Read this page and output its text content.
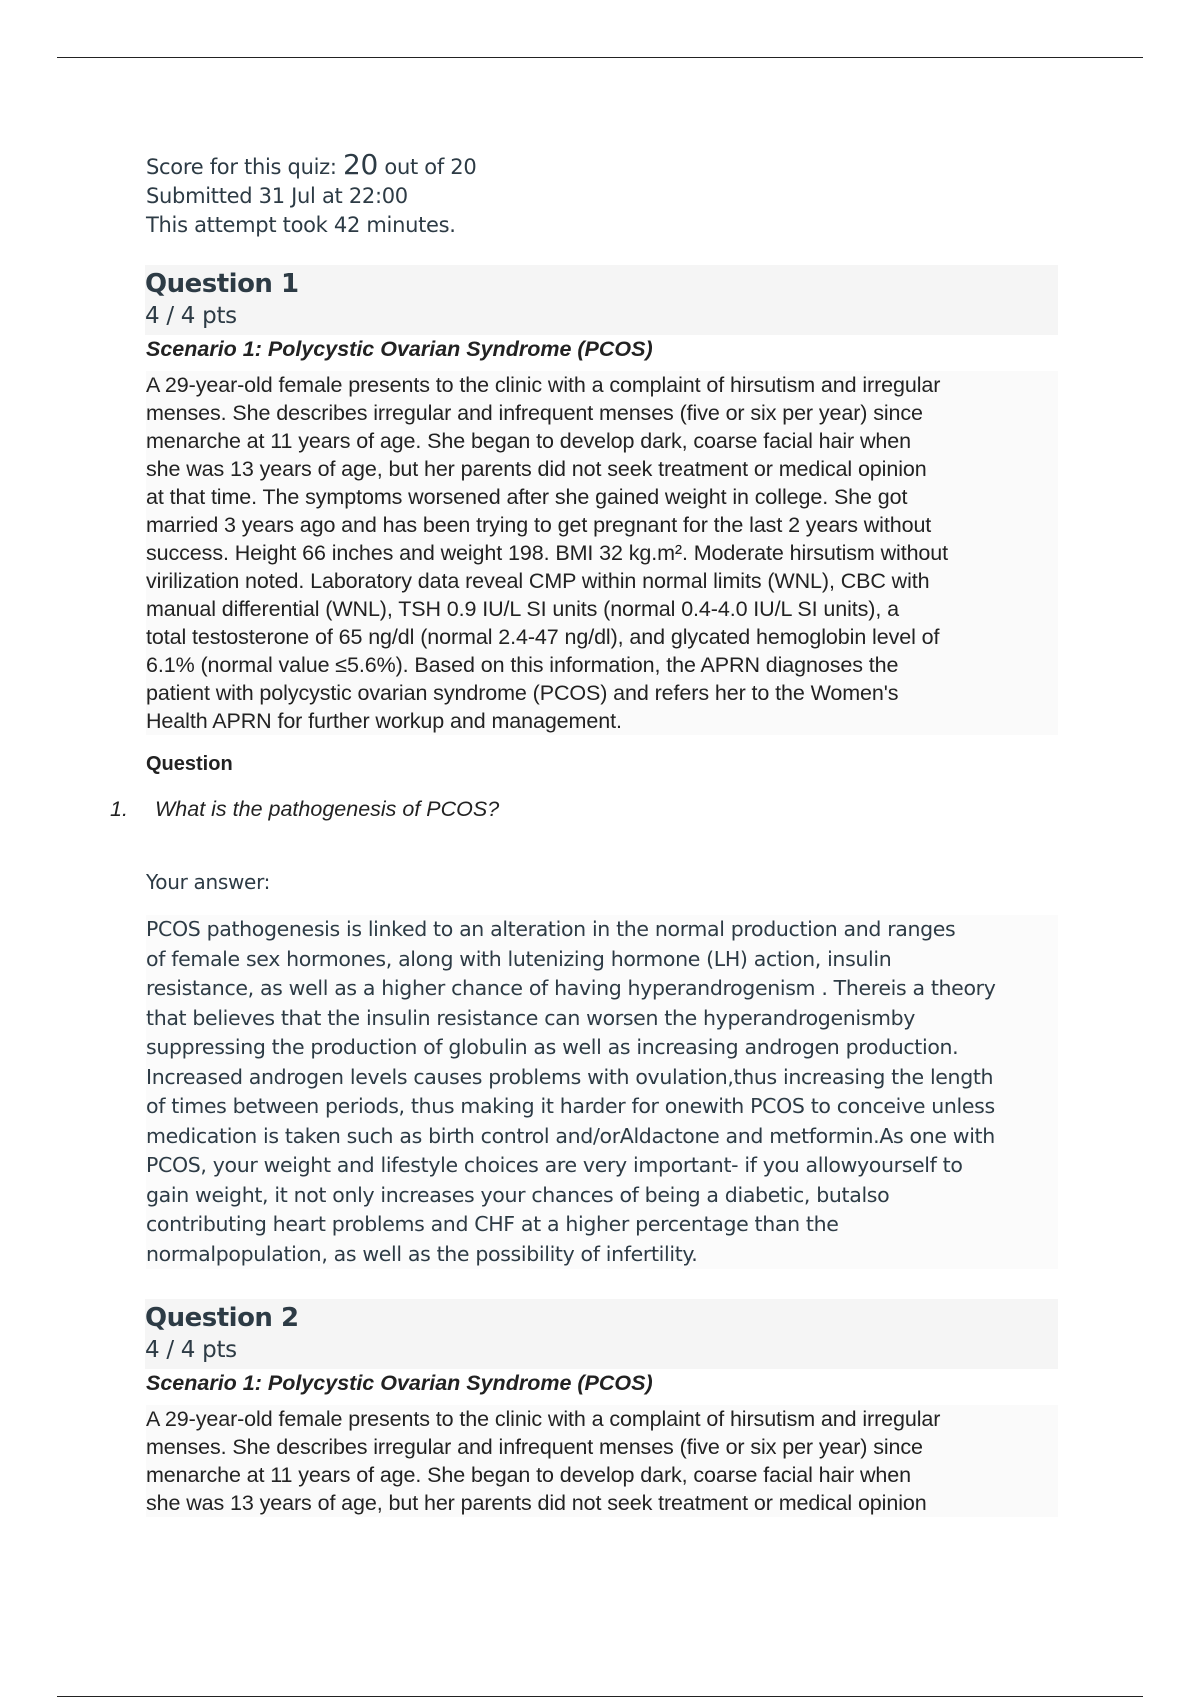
Score for this quiz: 20 out of 20
Submitted 31 Jul at 22:00
This attempt took 42 minutes.
Question 1
4 / 4 pts
Scenario 1: Polycystic Ovarian Syndrome (PCOS)
A 29-year-old female presents to the clinic with a complaint of hirsutism and irregular
menses. She describes irregular and infrequent menses (five or six per year) since
menarche at 11 years of age. She began to develop dark, coarse facial hair when
she was 13 years of age, but her parents did not seek treatment or medical opinion
at that time. The symptoms worsened after she gained weight in college. She got
married 3 years ago and has been trying to get pregnant for the last 2 years without
success. Height 66 inches and weight 198. BMI 32 kg.m². Moderate hirsutism without
virilization noted. Laboratory data reveal CMP within normal limits (WNL), CBC with
manual differential (WNL), TSH 0.9 IU/L SI units (normal 0.4-4.0 IU/L SI units), a
total testosterone of 65 ng/dl (normal 2.4-47 ng/dl), and glycated hemoglobin level of
6.1% (normal value ≤5.6%). Based on this information, the APRN diagnoses the
patient with polycystic ovarian syndrome (PCOS) and refers her to the Women's
Health APRN for further workup and management.
Question
1. What is the pathogenesis of PCOS?
Your answer:
PCOS pathogenesis is linked to an alteration in the normal production and ranges
of female sex hormones, along with lutenizing hormone (LH) action, insulin
resistance, as well as a higher chance of having hyperandrogenism . Thereis a theory
that believes that the insulin resistance can worsen the hyperandrogenismby
suppressing the production of globulin as well as increasing androgen production.
Increased androgen levels causes problems with ovulation,thus increasing the length
of times between periods, thus making it harder for onewith PCOS to conceive unless
medication is taken such as birth control and/orAldactone and metformin.As one with
PCOS, your weight and lifestyle choices are very important- if you allowyourself to
gain weight, it not only increases your chances of being a diabetic, butalso
contributing heart problems and CHF at a higher percentage than the
normalpopulation, as well as the possibility of infertility.
Question 2
4 / 4 pts
Scenario 1: Polycystic Ovarian Syndrome (PCOS)
A 29-year-old female presents to the clinic with a complaint of hirsutism and irregular
menses. She describes irregular and infrequent menses (five or six per year) since
menarche at 11 years of age. She began to develop dark, coarse facial hair when
she was 13 years of age, but her parents did not seek treatment or medical opinion
